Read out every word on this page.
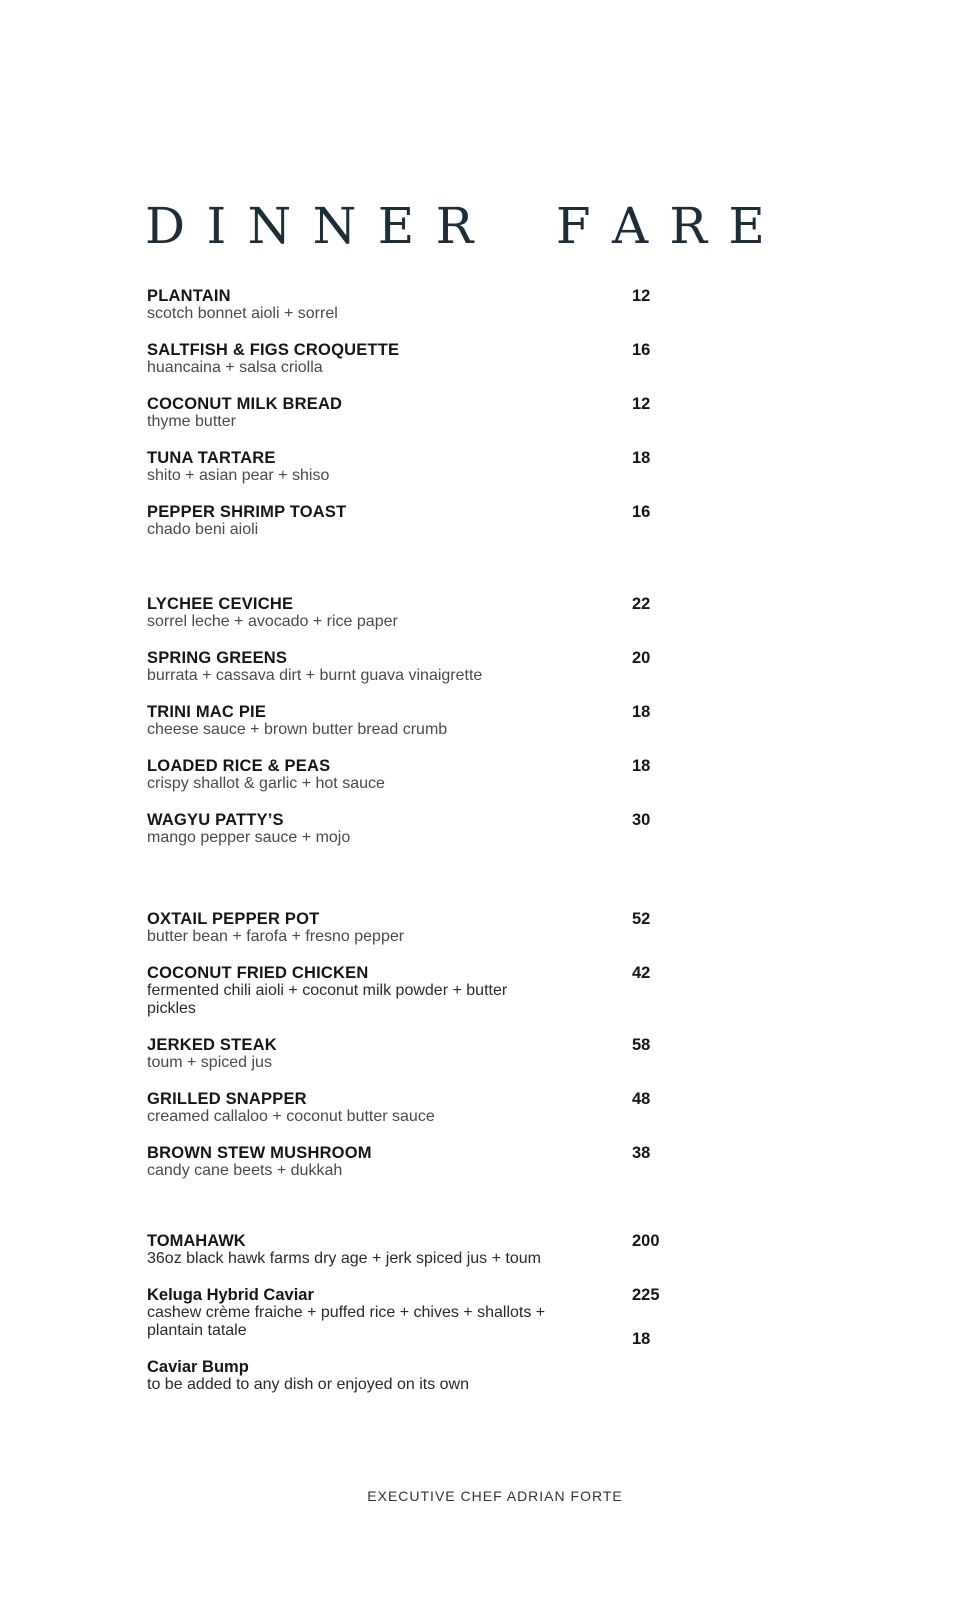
D I N N E R F A R E

PLANTAIN

scotch bonnet aioli + sorrel

12

SALTFISH & FIGS CROQUETTE

huancaina + salsa criolla

16

COCONUT MILK BREAD

thyme butter

12

TUNA TARTARE

shito + asian pear + shiso

18

PEPPER SHRIMP TOAST

chado beni aioli

16

LYCHEE CEVICHE

sorrel leche + avocado + rice paper

22

SPRING GREENS

burrata + cassava dirt + burnt guava vinaigrette

20

TRINI MAC PIE

cheese sauce + brown butter bread crumb

18

LOADED RICE & PEAS

crispy shallot & garlic + hot sauce

18

WAGYU PATTY’S

mango pepper sauce + mojo

30

OXTAIL PEPPER POT

butter bean + farofa + fresno pepper

52

COCONUT FRIED CHICKEN

fermented chili aioli + coconut milk powder + butter

pickles

42

JERKED STEAK

toum + spiced jus

58

GRILLED SNAPPER

creamed callaloo + coconut butter sauce

48

BROWN STEW MUSHROOM

candy cane beets + dukkah

38

TOMAHAWK

36oz black hawk farms dry age + jerk spiced jus + toum

200

Keluga Hybrid Caviar

cashew crème fraiche + puffed rice + chives + shallots +

plantain tatale

225

Caviar Bump

to be added to any dish or enjoyed on its own

18
EXECUTIVE CHEF ADRIAN FORTE
